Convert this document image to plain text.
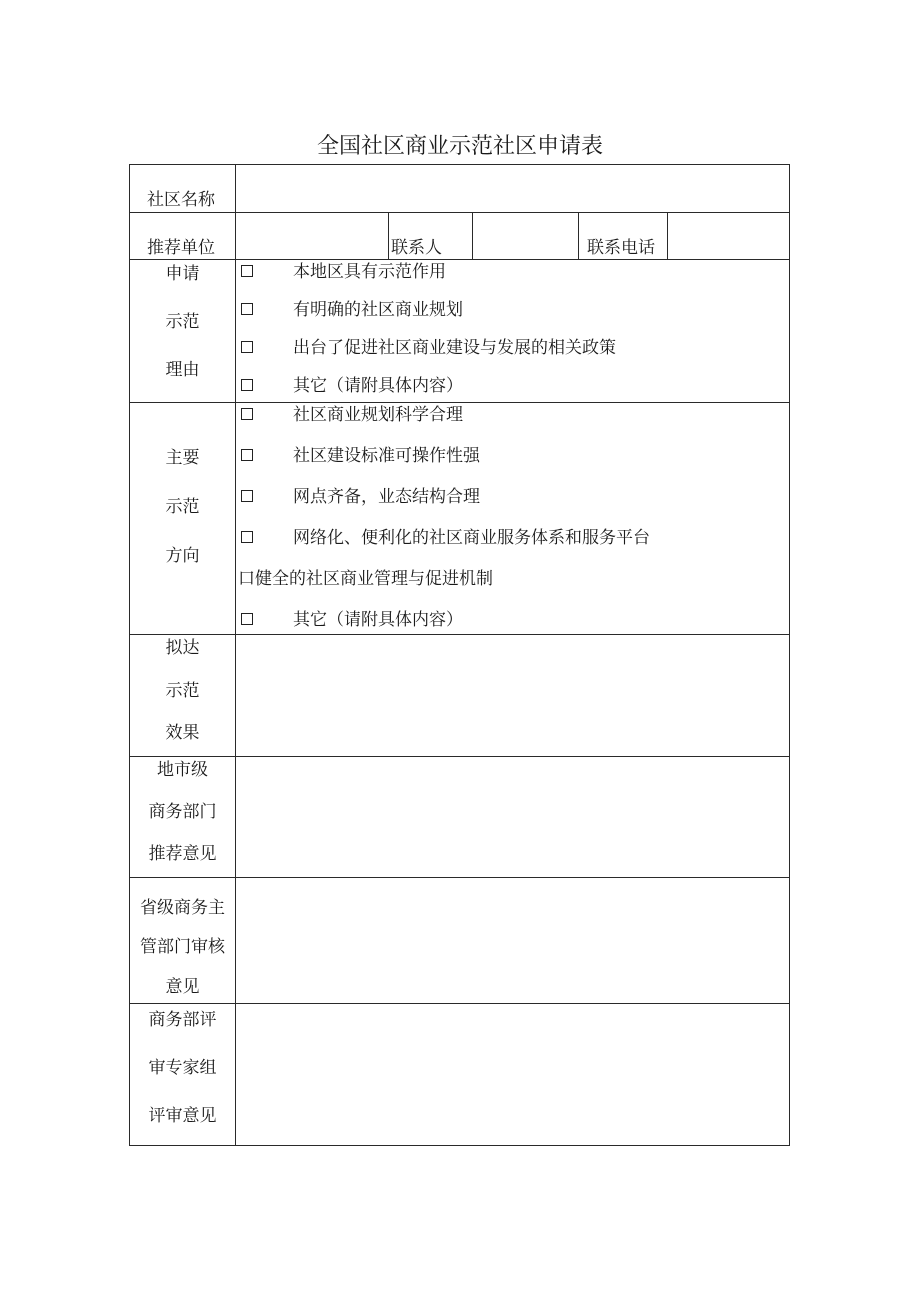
全国社区商业示范社区申请表
社区名称
推荐单位	联系人	联系电话
申请
示范
理由
本地区具有示范作用
有明确的社区商业规划
出台了促进社区商业建设与发展的相关政策
其它（请附具体内容）
主要
示范
方向
社区商业规划科学合理
社区建设标准可操作性强
网点齐备，业态结构合理
网络化、便利化的社区商业服务体系和服务平台
口健全的社区商业管理与促进机制
其它（请附具体内容）
拟达
示范
效果
地市级
商务部门
推荐意见
省级商务主
管部门审核
意见
商务部评
审专家组
评审意见
